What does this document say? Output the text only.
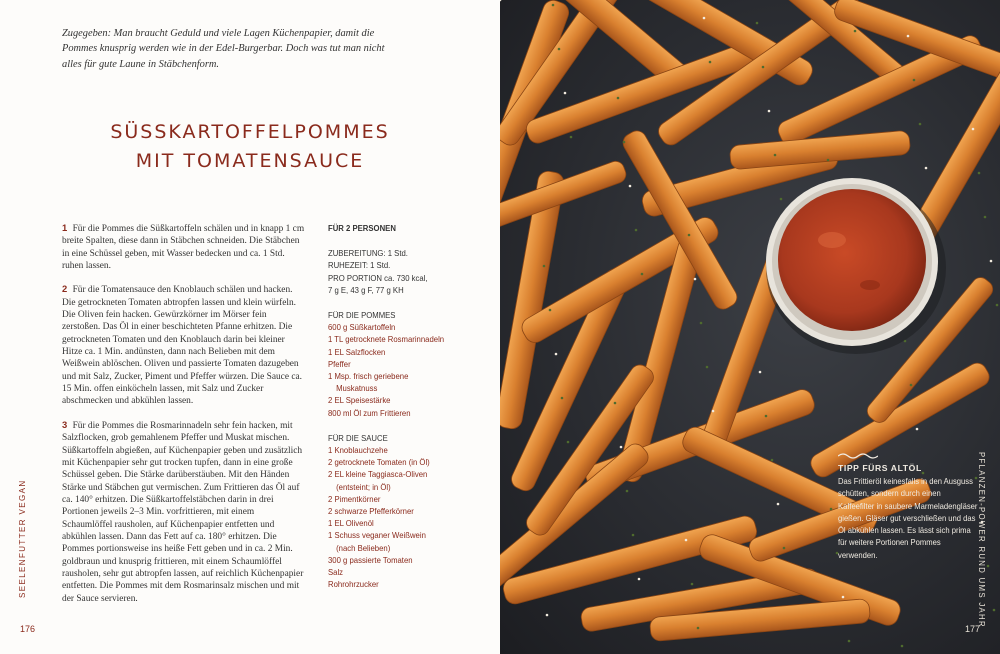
Zugegeben: Man braucht Geduld und viele Lagen Küchenpapier, damit die Pommes knusprig werden wie in der Edel-Burgerbar. Doch was tut man nicht alles für gute Laune in Stäbchenform.

SÜSSKARTOFFELPOMMES
MIT TOMATENSAUCE

1 Für die Pommes die Süßkartoffeln schälen und in knapp 1 cm breite Spalten, diese dann in Stäbchen schneiden. Die Stäbchen in eine Schüssel geben, mit Wasser bedecken und ca. 1 Std. ruhen lassen.

2 Für die Tomatensauce den Knoblauch schälen und hacken. Die getrockneten Tomaten abtropfen lassen und klein würfeln. Die Oliven fein hacken. Gewürzkörner im Mörser fein zerstoßen. Das Öl in einer beschichteten Pfanne erhitzen. Die getrockneten Tomaten und den Knoblauch darin bei kleiner Hitze ca. 1 Min. andünsten, dann nach Belieben mit dem Weißwein ablöschen. Oliven und passierte Tomaten dazugeben und mit Salz, Zucker, Piment und Pfeffer würzen. Die Sauce ca. 15 Min. offen einköcheln lassen, mit Salz und Zucker abschmecken und abkühlen lassen.

3 Für die Pommes die Rosmarinnadeln sehr fein hacken, mit Salzflocken, grob gemahlenem Pfeffer und Muskat mischen. Süßkartoffeln abgießen, auf Küchenpapier geben und zusätzlich mit Küchenpapier sehr gut trocken tupfen, dann in eine große Schüssel geben. Die Stärke darüberstäuben. Mit den Händen Stärke und Stäbchen gut vermischen. Zum Frittieren das Öl auf ca. 140° erhitzen. Die Süßkartoffelstäbchen darin in drei Portionen jeweils 2–3 Min. vorfrittieren, mit einem Schaumlöffel rausholen, auf Küchenpapier entfetten und abkühlen lassen. Dann das Fett auf ca. 180° erhitzen. Die Pommes portionsweise ins heiße Fett geben und in ca. 2 Min. goldbraun und knusprig frittieren, mit einem Schaumlöffel rausholen, sehr gut abtropfen lassen, auf reichlich Küchenpapier entfetten. Die Pommes mit dem Rosmarinsalz mischen und mit der Sauce servieren.

FÜR 2 PERSONEN
ZUBEREITUNG: 1 Std.
RUHEZEIT: 1 Std.
PRO PORTION ca. 730 kcal,
7 g E, 43 g F, 77 g KH
FÜR DIE POMMES
600 g Süßkartoffeln
1 TL getrocknete Rosmarinnadeln
1 EL Salzflocken
Pfeffer
1 Msp. frisch geriebene
Muskatnuss
2 EL Speisestärke
800 ml Öl zum Frittieren
FÜR DIE SAUCE
1 Knoblauchzehe
2 getrocknete Tomaten (in Öl)
2 EL kleine Taggiasca-Oliven
(entsteint; in Öl)
2 Pimentkörner
2 schwarze Pfefferkörner
1 EL Olivenöl
1 Schuss veganer Weißwein
(nach Belieben)
300 g passierte Tomaten
Salz
Rohrohrzucker
SEELENFUTTER VEGAN
176

TIPP FÜRS ALTÖL

Das Frittieröl keinesfalls in den Ausguss schütten, sondern durch einen Kaffeefilter in saubere Marmeladengläser gießen. Gläser gut verschließen und das Öl abkühlen lassen. Es lässt sich prima für weitere Portionen Pommes verwenden.	PFLANZEN-POWER RUND UMS JAHR
177
